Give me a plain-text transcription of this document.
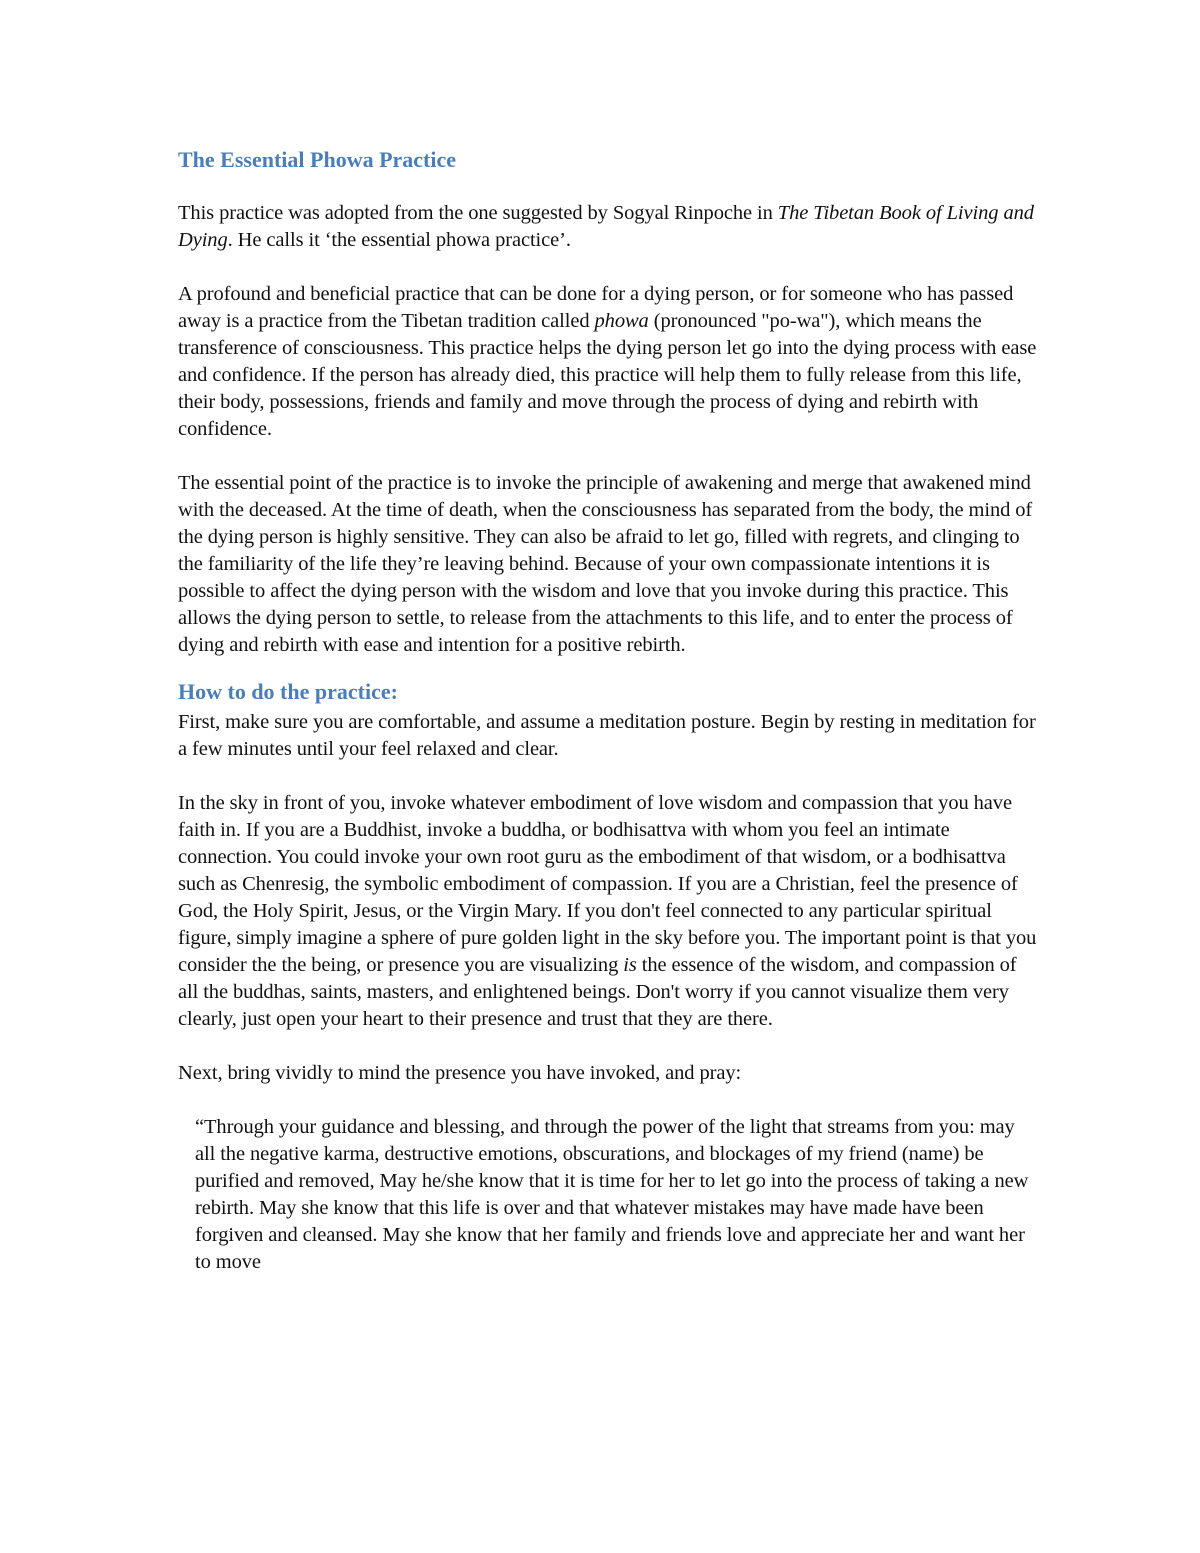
The Essential Phowa Practice

This practice was adopted from the one suggested by Sogyal Rinpoche in The Tibetan Book of Living and Dying. He calls it ‘the essential phowa practice’.

A profound and beneficial practice that can be done for a dying person, or for someone who has passed away is a practice from the Tibetan tradition called phowa (pronounced "po-wa"), which means the transference of consciousness. This practice helps the dying person let go into the dying process with ease and confidence. If the person has already died, this practice will help them to fully release from this life, their body, possessions, friends and family and move through the process of dying and rebirth with confidence.

The essential point of the practice is to invoke the principle of awakening and merge that awakened mind with the deceased. At the time of death, when the consciousness has separated from the body, the mind of the dying person is highly sensitive. They can also be afraid to let go, filled with regrets, and clinging to the familiarity of the life they’re leaving behind. Because of your own compassionate intentions it is possible to affect the dying person with the wisdom and love that you invoke during this practice. This allows the dying person to settle, to release from the attachments to this life, and to enter the process of dying and rebirth with ease and intention for a positive rebirth.

How to do the practice:

First, make sure you are comfortable, and assume a meditation posture. Begin by resting in meditation for a few minutes until your feel relaxed and clear.

In the sky in front of you, invoke whatever embodiment of love wisdom and compassion that you have faith in. If you are a Buddhist, invoke a buddha, or bodhisattva with whom you feel an intimate connection. You could invoke your own root guru as the embodiment of that wisdom, or a bodhisattva such as Chenresig, the symbolic embodiment of compassion. If you are a Christian, feel the presence of God, the Holy Spirit, Jesus, or the Virgin Mary. If you don't feel connected to any particular spiritual figure, simply imagine a sphere of pure golden light in the sky before you. The important point is that you consider the the being, or presence you are visualizing is the essence of the wisdom, and compassion of all the buddhas, saints, masters, and enlightened beings. Don't worry if you cannot visualize them very clearly, just open your heart to their presence and trust that they are there.

Next, bring vividly to mind the presence you have invoked, and pray:

“Through your guidance and blessing, and through the power of the light that streams from you: may all the negative karma, destructive emotions, obscurations, and blockages of my friend (name) be purified and removed, May he/she know that it is time for her to let go into the process of taking a new rebirth. May she know that this life is over and that whatever mistakes may have made have been forgiven and cleansed. May she know that her family and friends love and appreciate her and want her to move
